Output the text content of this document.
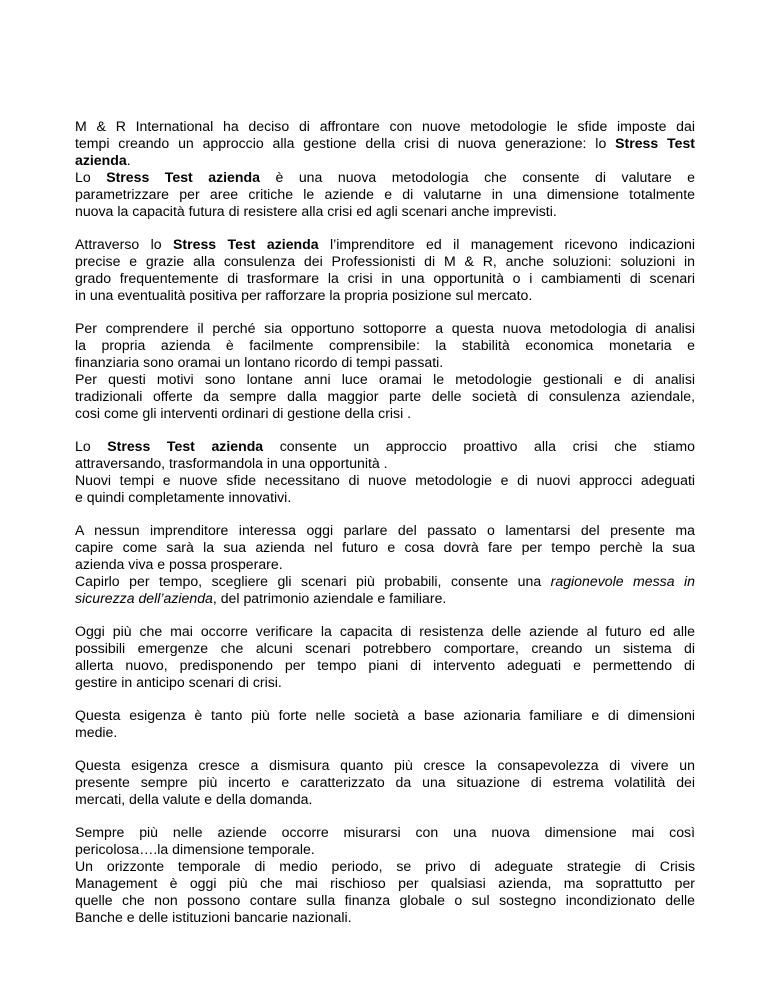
M & R International ha deciso di affrontare con nuove metodologie le sfide imposte dai
tempi creando un approccio alla gestione della crisi di nuova generazione: lo Stress Test
azienda.
Lo Stress Test azienda è una nuova metodologia che consente di valutare e
parametrizzare per aree critiche le aziende e di valutarne in una dimensione totalmente
nuova la capacità futura di resistere alla crisi ed agli scenari anche imprevisti.

Attraverso lo Stress Test azienda l’imprenditore ed il management ricevono indicazioni
precise e grazie alla consulenza dei Professionisti di M & R, anche soluzioni: soluzioni in
grado frequentemente di trasformare la crisi in una opportunità o i cambiamenti di scenari
in una eventualità positiva per rafforzare la propria posizione sul mercato.

Per comprendere il perché sia opportuno sottoporre a questa nuova metodologia di analisi
la propria azienda è facilmente comprensibile: la stabilità economica monetaria e
finanziaria sono oramai un lontano ricordo di tempi passati.
Per questi motivi sono lontane anni luce oramai le metodologie gestionali e di analisi
tradizionali offerte da sempre dalla maggior parte delle società di consulenza aziendale,
cosi come gli interventi ordinari di gestione della crisi .

Lo Stress Test azienda consente un approccio proattivo alla crisi che stiamo
attraversando, trasformandola in una opportunità .
Nuovi tempi e nuove sfide necessitano di nuove metodologie e di nuovi approcci adeguati
e quindi completamente innovativi.

A nessun imprenditore interessa oggi parlare del passato o lamentarsi del presente ma
capire come sarà la sua azienda nel futuro e cosa dovrà fare per tempo perchè la sua
azienda viva e possa prosperare.
Capirlo per tempo, scegliere gli scenari più probabili, consente una ragionevole messa in
sicurezza dell’azienda, del patrimonio aziendale e familiare.

Oggi più che mai occorre verificare la capacita di resistenza delle aziende al futuro ed alle
possibili emergenze che alcuni scenari potrebbero comportare, creando un sistema di
allerta nuovo, predisponendo per tempo piani di intervento adeguati e permettendo di
gestire in anticipo scenari di crisi.

Questa esigenza è tanto più forte nelle società a base azionaria familiare e di dimensioni
medie.

Questa esigenza cresce a dismisura quanto più cresce la consapevolezza di vivere un
presente sempre più incerto e caratterizzato da una situazione di estrema volatilità dei
mercati, della valute e della domanda.

Sempre più nelle aziende occorre misurarsi con una nuova dimensione mai così
pericolosa….la dimensione temporale.
Un orizzonte temporale di medio periodo, se privo di adeguate strategie di Crisis
Management è oggi più che mai rischioso per qualsiasi azienda, ma soprattutto per
quelle che non possono contare sulla finanza globale o sul sostegno incondizionato delle
Banche e delle istituzioni bancarie nazionali.
